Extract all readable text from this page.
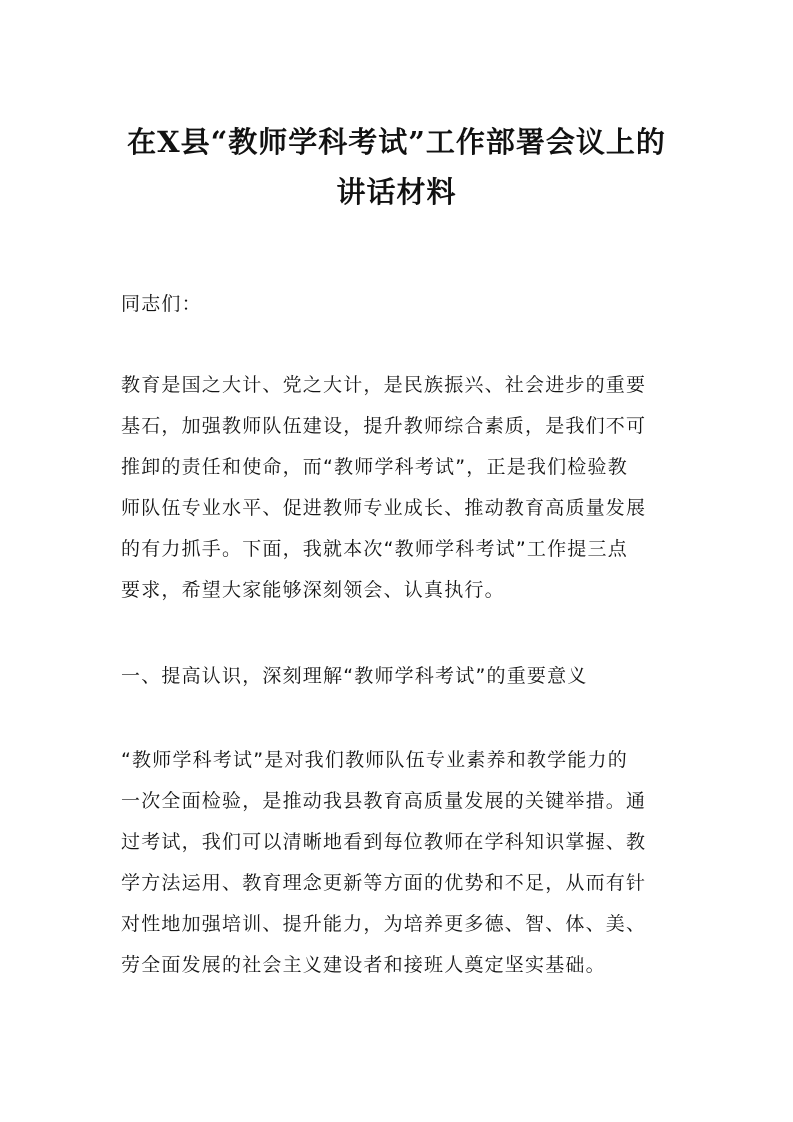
在X县“教师学科考试”工作部署会议上的
讲话材料
同志们：
教育是国之大计、党之大计，是民族振兴、社会进步的重要
基石，加强教师队伍建设，提升教师综合素质，是我们不可
推卸的责任和使命，而“教师学科考试”，正是我们检验教
师队伍专业水平、促进教师专业成长、推动教育高质量发展
的有力抓手。下面，我就本次“教师学科考试”工作提三点
要求，希望大家能够深刻领会、认真执行。
一、提高认识，深刻理解“教师学科考试”的重要意义
“教师学科考试”是对我们教师队伍专业素养和教学能力的
一次全面检验，是推动我县教育高质量发展的关键举措。通
过考试，我们可以清晰地看到每位教师在学科知识掌握、教
学方法运用、教育理念更新等方面的优势和不足，从而有针
对性地加强培训、提升能力，为培养更多德、智、体、美、
劳全面发展的社会主义建设者和接班人奠定坚实基础。
